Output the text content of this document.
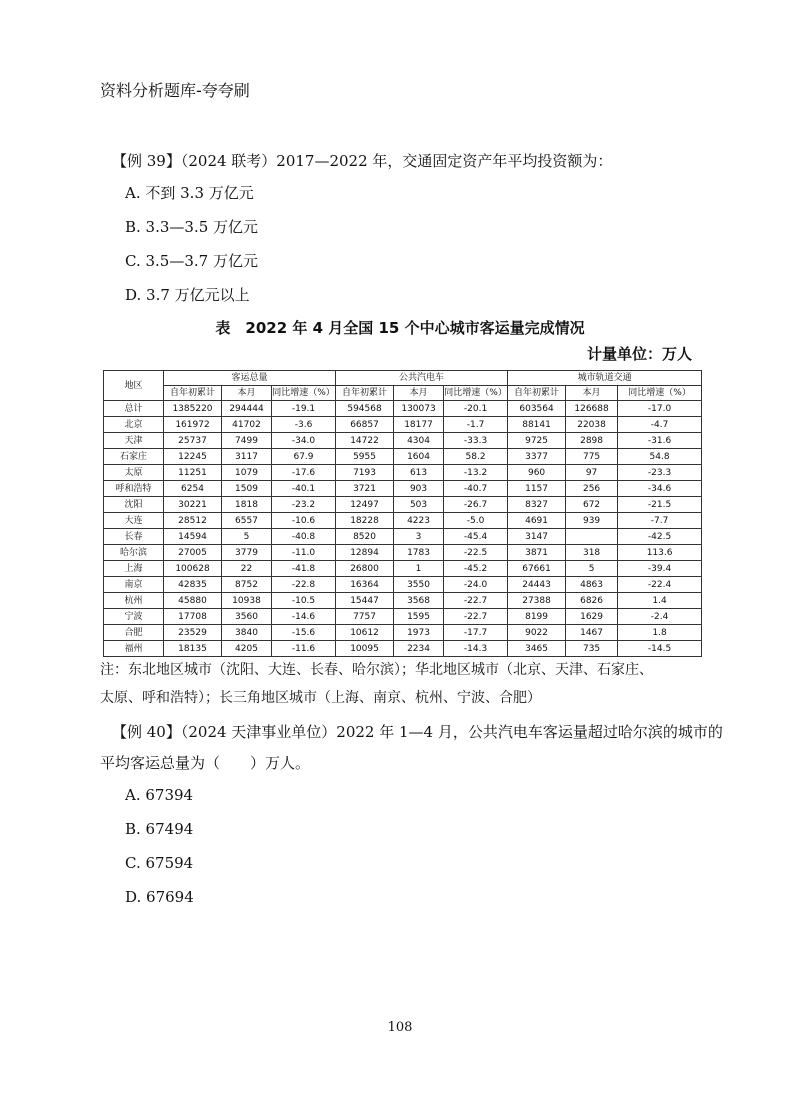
资料分析题库-夸夸刷
【例 39】（2024 联考）2017—2022 年，交通固定资产年平均投资额为：
A. 不到 3.3 万亿元
B. 3.3—3.5 万亿元
C. 3.5—3.7 万亿元
D. 3.7 万亿元以上
表　2022 年 4 月全国 15 个中心城市客运量完成情况
计量单位：万人
地区	客运总量			公共汽电车			城市轨道交通		
	自年初累计	本月	同比增速（%）	自年初累计	本月	同比增速（%）	自年初累计	本月	同比增速（%）
总计	1385220	294444	-19.1	594568	130073	-20.1	603564	126688	-17.0
北京	161972	41702	-3.6	66857	18177	-1.7	88141	22038	-4.7
天津	25737	7499	-34.0	14722	4304	-33.3	9725	2898	-31.6
石家庄	12245	3117	67.9	5955	1604	58.2	3377	775	54.8
太原	11251	1079	-17.6	7193	613	-13.2	960	97	-23.3
呼和浩特	6254	1509	-40.1	3721	903	-40.7	1157	256	-34.6
沈阳	30221	1818	-23.2	12497	503	-26.7	8327	672	-21.5
大连	28512	6557	-10.6	18228	4223	-5.0	4691	939	-7.7
长春	14594	5	-40.8	8520	3	-45.4	3147		-42.5
哈尔滨	27005	3779	-11.0	12894	1783	-22.5	3871	318	113.6
上海	100628	22	-41.8	26800	1	-45.2	67661	5	-39.4
南京	42835	8752	-22.8	16364	3550	-24.0	24443	4863	-22.4
杭州	45880	10938	-10.5	15447	3568	-22.7	27388	6826	1.4
宁波	17708	3560	-14.6	7757	1595	-22.7	8199	1629	-2.4
合肥	23529	3840	-15.6	10612	1973	-17.7	9022	1467	1.8
福州	18135	4205	-11.6	10095	2234	-14.3	3465	735	-14.5
注：东北地区城市（沈阳、大连、长春、哈尔滨）；华北地区城市（北京、天津、石家庄、
太原、呼和浩特）；长三角地区城市（上海、南京、杭州、宁波、合肥）
【例 40】（2024 天津事业单位）2022 年 1—4 月，公共汽电车客运量超过哈尔滨的城市的
平均客运总量为（　　）万人。
A. 67394
B. 67494
C. 67594
D. 67694
108
